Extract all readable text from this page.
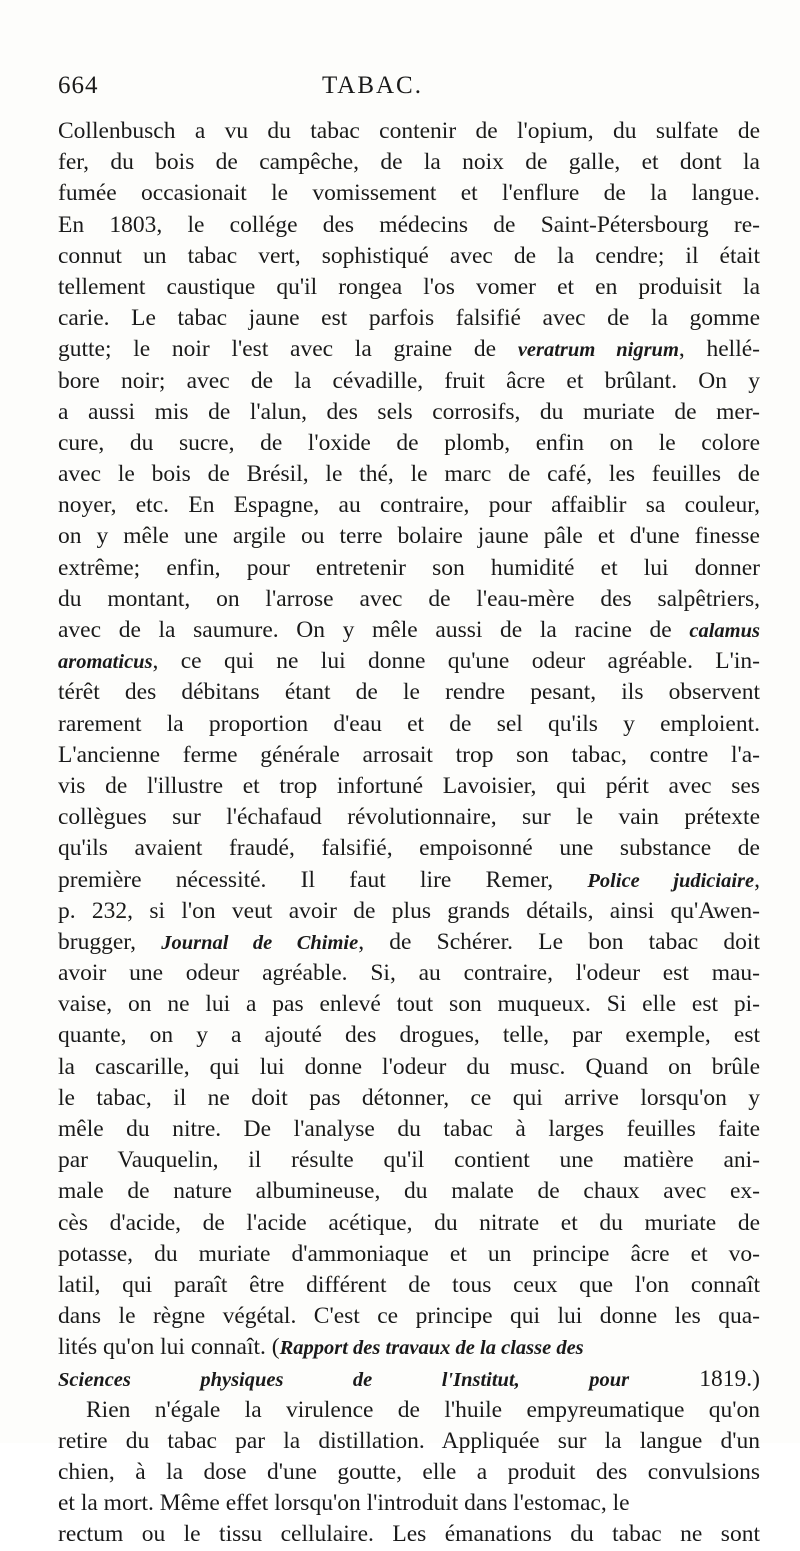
664	TABAC.
Collenbusch a vu du tabac contenir de l'opium, du sulfate de
fer, du bois de campêche, de la noix de galle, et dont la
fumée occasionait le vomissement et l'enflure de la langue.
En 1803, le collége des médecins de Saint-Pétersbourg re-
connut un tabac vert, sophistiqué avec de la cendre; il était
tellement caustique qu'il rongea l'os vomer et en produisit la
carie. Le tabac jaune est parfois falsifié avec de la gomme
gutte; le noir l'est avec la graine de veratrum nigrum, hellé-
bore noir; avec de la cévadille, fruit âcre et brûlant. On y
a aussi mis de l'alun, des sels corrosifs, du muriate de mer-
cure, du sucre, de l'oxide de plomb, enfin on le colore
avec le bois de Brésil, le thé, le marc de café, les feuilles de
noyer, etc. En Espagne, au contraire, pour affaiblir sa couleur,
on y mêle une argile ou terre bolaire jaune pâle et d'une finesse
extrême; enfin, pour entretenir son humidité et lui donner
du montant, on l'arrose avec de l'eau-mère des salpêtriers,
avec de la saumure. On y mêle aussi de la racine de calamus
aromaticus, ce qui ne lui donne qu'une odeur agréable. L'in-
térêt des débitans étant de le rendre pesant, ils observent
rarement la proportion d'eau et de sel qu'ils y emploient.
L'ancienne ferme générale arrosait trop son tabac, contre l'a-
vis de l'illustre et trop infortuné Lavoisier, qui périt avec ses
collègues sur l'échafaud révolutionnaire, sur le vain prétexte
qu'ils avaient fraudé, falsifié, empoisonné une substance de
première nécessité. Il faut lire Remer, Police judiciaire,
p. 232, si l'on veut avoir de plus grands détails, ainsi qu'Awen-
brugger, Journal de Chimie, de Schérer. Le bon tabac doit
avoir une odeur agréable. Si, au contraire, l'odeur est mau-
vaise, on ne lui a pas enlevé tout son muqueux. Si elle est pi-
quante, on y a ajouté des drogues, telle, par exemple, est
la cascarille, qui lui donne l'odeur du musc. Quand on brûle
le tabac, il ne doit pas détonner, ce qui arrive lorsqu'on y
mêle du nitre. De l'analyse du tabac à larges feuilles faite
par Vauquelin, il résulte qu'il contient une matière ani-
male de nature albumineuse, du malate de chaux avec ex-
cès d'acide, de l'acide acétique, du nitrate et du muriate de
potasse, du muriate d'ammoniaque et un principe âcre et vo-
latil, qui paraît être différent de tous ceux que l'on connaît
dans le règne végétal. C'est ce principe qui lui donne les qua-
lités qu'on lui connaît. (Rapport des travaux de la classe des
Sciences physiques de l'Institut, pour 1819.)
Rien n'égale la virulence de l'huile empyreumatique qu'on
retire du tabac par la distillation. Appliquée sur la langue d'un
chien, à la dose d'une goutte, elle a produit des convulsions
et la mort. Même effet lorsqu'on l'introduit dans l'estomac, le
rectum ou le tissu cellulaire. Les émanations du tabac ne sont
